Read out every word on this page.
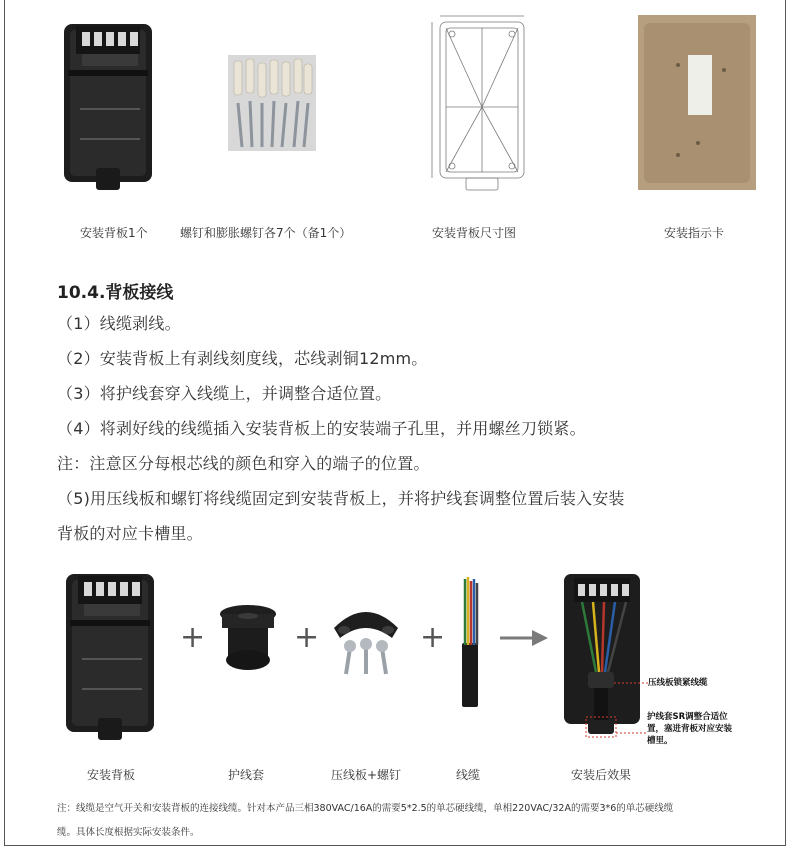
安装背板1个	螺钉和膨胀螺钉各7个（备1个）	安装背板尺寸图	安装指示卡
10.4.背板接线
（1）线缆剥线。
（2）安装背板上有剥线刻度线，芯线剥铜12mm。
（3）将护线套穿入线缆上，并调整合适位置。
（4）将剥好线的线缆插入安装背板上的安装端子孔里，并用螺丝刀锁紧。
注：注意区分每根芯线的颜色和穿入的端子的位置。
（5)用压线板和螺钉将线缆固定到安装背板上，并将护线套调整位置后装入安装
背板的对应卡槽里。
+	+	+
压线板锁紧线缆
护线套SR调整合适位置，塞进背板对应安装槽里。
安装背板	护线套	压线板+螺钉	线缆	安装后效果
注：线缆是空气开关和安装背板的连接线缆。针对本产品三相380VAC/16A的需要5*2.5的单芯硬线缆，单相220VAC/32A的需要3*6的单芯硬线缆
缆。具体长度根据实际安装条件。
